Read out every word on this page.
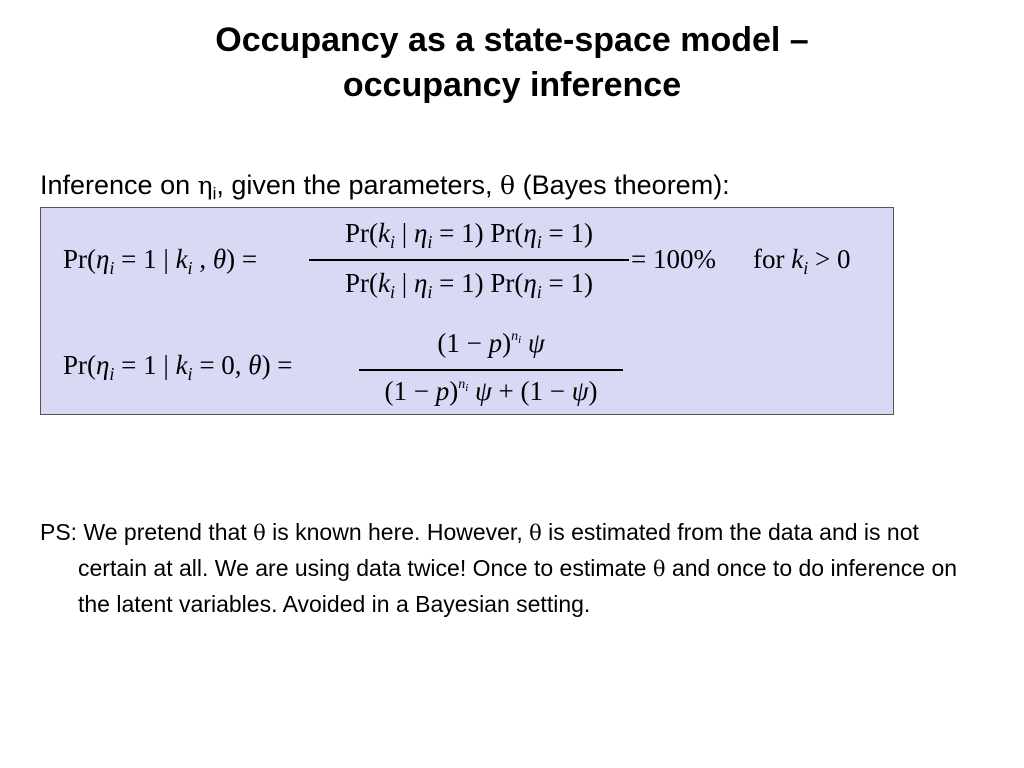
Occupancy as a state-space model –
occupancy inference
Inference on $\eta_i$, given the parameters, θ (Bayes theorem):
$Pr(\eta_i = 1$ | $k_i$ , θ) =
$Pr(k_i$ | $\eta_i = 1$) $Pr(\eta_i = 1)$
$Pr(k_i$ | $\eta_i = 1$) $Pr(\eta_i = 1)$
= 100% for $k_i > 0$
$Pr(\eta_i = 1$ | $k_i = 0$, θ) =
$(1 - p)^{n_i}$ ψ
$(1 - p)^{n_i}$ ψ + (1 − ψ)

PS: We pretend that θ is known here. However, θ is estimated from the data and is not certain at all. We are using data twice! Once to estimate θ and once to do inference on the latent variables. Avoided in a Bayesian setting.
